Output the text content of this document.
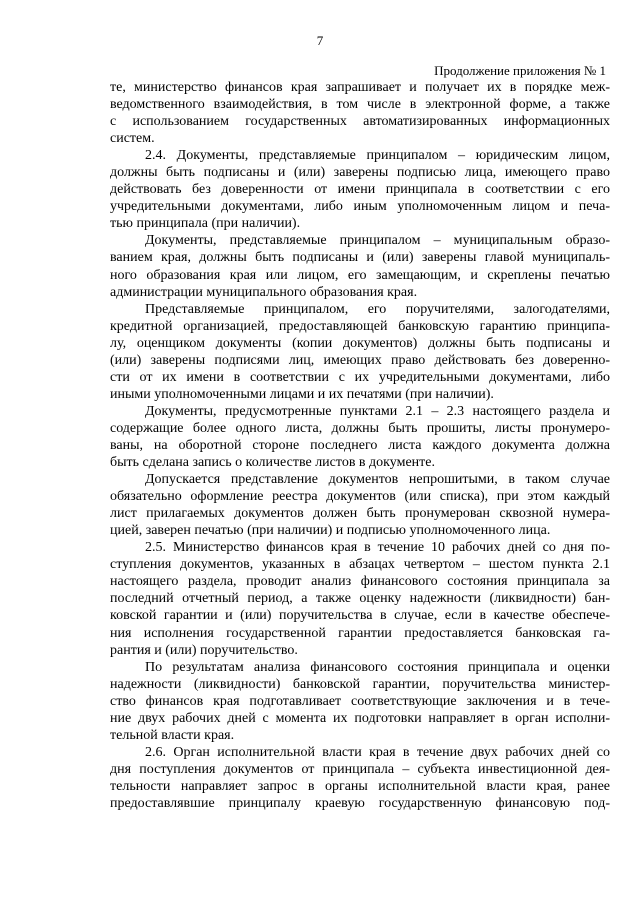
7
Продолжение приложения № 1
те, министерство финансов края запрашивает и получает их в порядке меж-
ведомственного взаимодействия, в том числе в электронной форме, а также
с использованием государственных автоматизированных информационных
систем.
2.4. Документы, представляемые принципалом – юридическим лицом,
должны быть подписаны и (или) заверены подписью лица, имеющего право
действовать без доверенности от имени принципала в соответствии с его
учредительными документами, либо иным уполномоченным лицом и печа-
тью принципала (при наличии).
Документы, представляемые принципалом – муниципальным образо-
ванием края, должны быть подписаны и (или) заверены главой муниципаль-
ного образования края или лицом, его замещающим, и скреплены печатью
администрации муниципального образования края.
Представляемые принципалом, его поручителями, залогодателями,
кредитной организацией, предоставляющей банковскую гарантию принципа-
лу, оценщиком документы (копии документов) должны быть подписаны и
(или) заверены подписями лиц, имеющих право действовать без доверенно-
сти от их имени в соответствии с их учредительными документами, либо
иными уполномоченными лицами и их печатями (при наличии).
Документы, предусмотренные пунктами 2.1 – 2.3 настоящего раздела и
содержащие более одного листа, должны быть прошиты, листы пронумеро-
ваны, на оборотной стороне последнего листа каждого документа должна
быть сделана запись о количестве листов в документе.
Допускается представление документов непрошитыми, в таком случае
обязательно оформление реестра документов (или списка), при этом каждый
лист прилагаемых документов должен быть пронумерован сквозной нумера-
цией, заверен печатью (при наличии) и подписью уполномоченного лица.
2.5. Министерство финансов края в течение 10 рабочих дней со дня по-
ступления документов, указанных в абзацах четвертом – шестом пункта 2.1
настоящего раздела, проводит анализ финансового состояния принципала за
последний отчетный период, а также оценку надежности (ликвидности) бан-
ковской гарантии и (или) поручительства в случае, если в качестве обеспече-
ния исполнения государственной гарантии предоставляется банковская га-
рантия и (или) поручительство.
По результатам анализа финансового состояния принципала и оценки
надежности (ликвидности) банковской гарантии, поручительства министер-
ство финансов края подготавливает соответствующие заключения и в тече-
ние двух рабочих дней с момента их подготовки направляет в орган исполни-
тельной власти края.
2.6. Орган исполнительной власти края в течение двух рабочих дней со
дня поступления документов от принципала – субъекта инвестиционной дея-
тельности направляет запрос в органы исполнительной власти края, ранее
предоставлявшие принципалу краевую государственную финансовую под-
